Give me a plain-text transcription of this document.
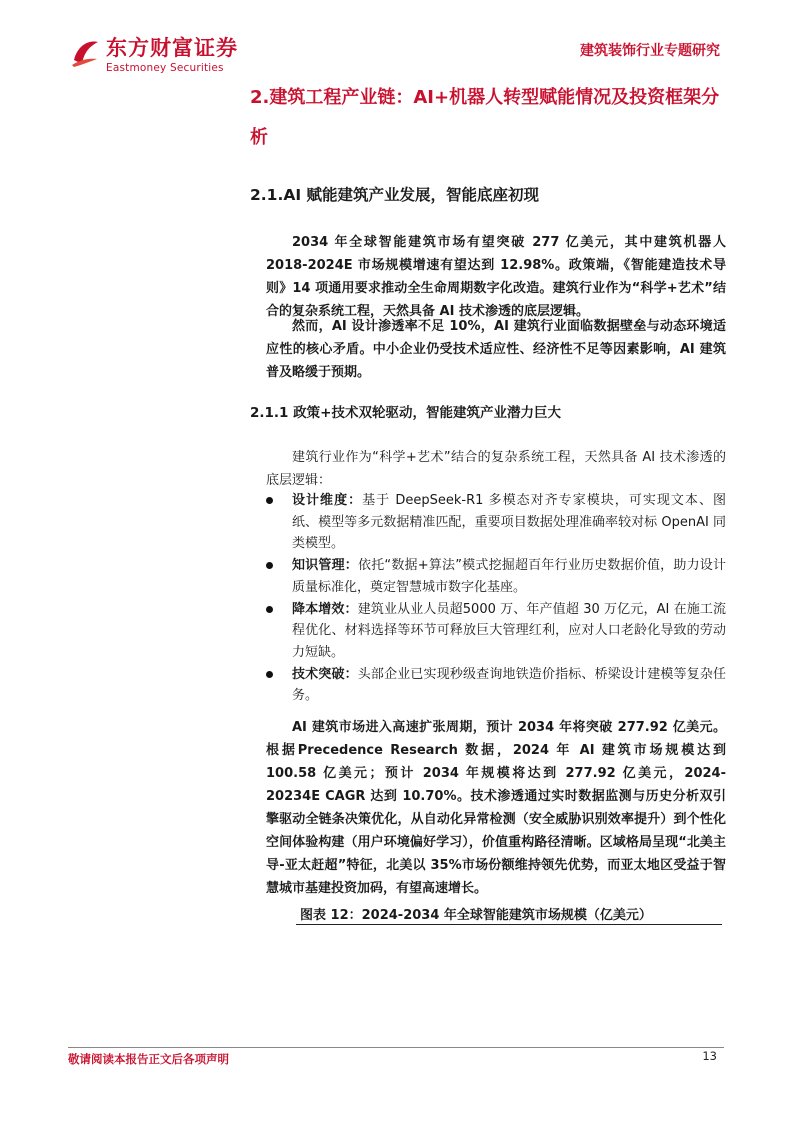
东方财富证券
Eastmoney Securities
建筑装饰行业专题研究
2.建筑工程产业链：AI+机器人转型赋能情况及投资框架分析
2.1.AI 赋能建筑产业发展，智能底座初现

2034 年全球智能建筑市场有望突破 277 亿美元，其中建筑机器人 2018-2024E 市场规模增速有望达到 12.98%。政策端，《智能建造技术导则》14 项通用要求推动全生命周期数字化改造。建筑行业作为“科学+艺术”结合的复杂系统工程，天然具备 AI 技术渗透的底层逻辑。

然而，AI 设计渗透率不足 10%，AI 建筑行业面临数据壁垒与动态环境适应性的核心矛盾。中小企业仍受技术适应性、经济性不足等因素影响，AI 建筑普及略缓于预期。

2.1.1 政策+技术双轮驱动，智能建筑产业潜力巨大

建筑行业作为“科学+艺术”结合的复杂系统工程，天然具备 AI 技术渗透的底层逻辑：

设计维度：基于 DeepSeek-R1 多模态对齐专家模块，可实现文本、图纸、模型等多元数据精准匹配，重要项目数据处理准确率较对标 OpenAI 同类模型。
知识管理：依托“数据+算法”模式挖掘超百年行业历史数据价值，助力设计质量标准化，奠定智慧城市数字化基座。
降本增效：建筑业从业人员超5000 万、年产值超 30 万亿元，AI 在施工流程优化、材料选择等环节可释放巨大管理红利，应对人口老龄化导致的劳动力短缺。
技术突破：头部企业已实现秒级查询地铁造价指标、桥梁设计建模等复杂任务。

AI 建筑市场进入高速扩张周期，预计 2034 年将突破 277.92 亿美元。根据Precedence Research 数据，2024 年 AI 建筑市场规模达到 100.58 亿美元；预计 2034 年规模将达到 277.92 亿美元，2024-20234E CAGR 达到 10.70%。技术渗透通过实时数据监测与历史分析双引擎驱动全链条决策优化，从自动化异常检测（安全威胁识别效率提升）到个性化空间体验构建（用户环境偏好学习），价值重构路径清晰。区域格局呈现“北美主导-亚太赶超”特征，北美以 35%市场份额维持领先优势，而亚太地区受益于智慧城市基建投资加码，有望高速增长。

图表 12：2024-2034 年全球智能建筑市场规模（亿美元）
敬请阅读本报告正文后各项声明	13
